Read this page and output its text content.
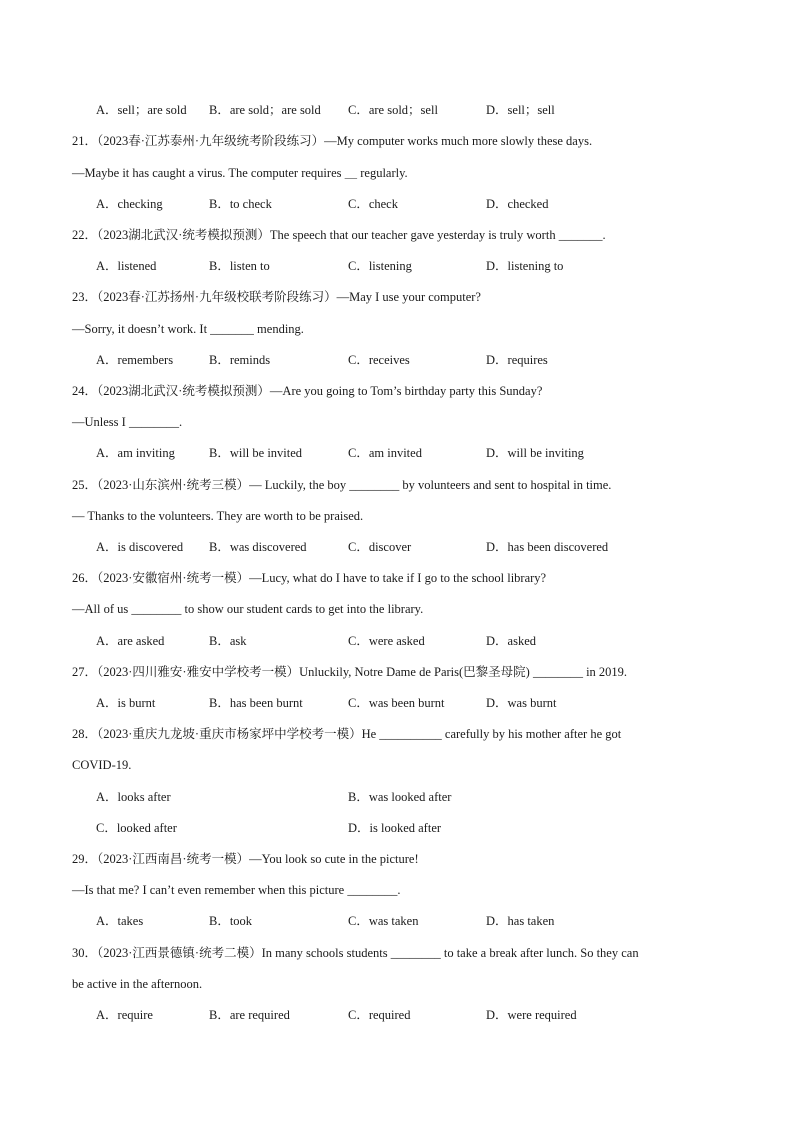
A．sell；are sold B．are sold；are sold C．are sold；sell	D．sell；sell
21．（2023春·江苏泰州·九年级统考阶段练习）—My computer works much more slowly these days.
—Maybe it has caught a virus. The computer requires ＿ regularly.
A．checking	B．to check	C．check	D．checked
22．（2023湖北武汉·统考模拟预测）The speech that our teacher gave yesterday is truly worth _______.
A．listened	B．listen to	C．listening	D．listening to
23．（2023春·江苏扬州·九年级校联考阶段练习）—May I use your computer?
—Sorry, it doesn’t work. It _______ mending.
A．remembers	B．reminds	C．receives	D．requires
24．（2023湖北武汉·统考模拟预测）—Are you going to Tom’s birthday party this Sunday?
—Unless I ________.
A．am inviting	B．will be invited	C．am invited	D．will be inviting
25．（2023·山东滨州·统考三模）— Luckily, the boy ________ by volunteers and sent to hospital in time.
— Thanks to the volunteers. They are worth to be praised.
A．is discovered B．was discovered	C．discover	D．has been discovered
26．（2023·安徽宿州·统考一模）—Lucy, what do I have to take if I go to the school library?
—All of us ________ to show our student cards to get into the library.
A．are asked	B．ask	C．were asked	D．asked
27．（2023·四川雅安·雅安中学校考一模）Unluckily, Notre Dame de Paris(巴黎圣母院) ________ in 2019.
A．is burnt	B．has been burnt	C．was been burnt	D．was burnt
28．（2023·重庆九龙坡·重庆市杨家坪中学校考一模）He __________ carefully by his mother after he got
COVID-19.
A．looks after	B．was looked after
C．looked after	D．is looked after
29．（2023·江西南昌·统考一模）—You look so cute in the picture!
—Is that me? I can’t even remember when this picture ________.
A．takes	B．took	C．was taken	D．has taken
30．（2023·江西景德镇·统考二模）In many schools students ________ to take a break after lunch. So they can
be active in the afternoon.
A．require	B．are required	C．required	D．were required
